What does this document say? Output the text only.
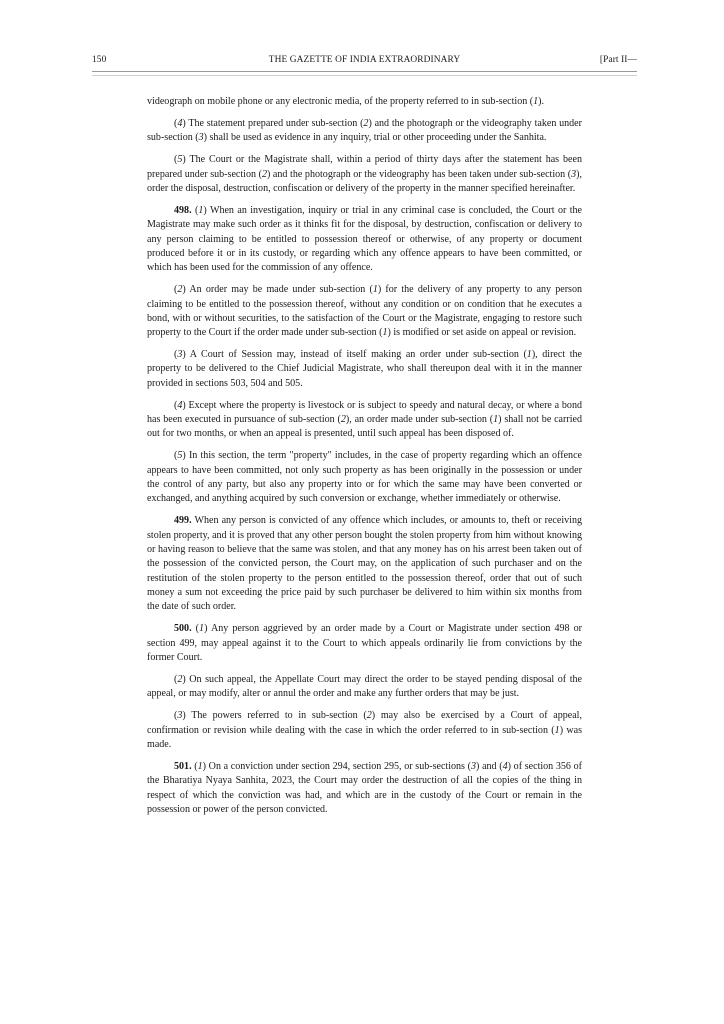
150	THE GAZETTE OF INDIA EXTRAORDINARY	[Part II—

videograph on mobile phone or any electronic media, of the property referred to in sub-section (1).

(4) The statement prepared under sub-section (2) and the photograph or the videography taken under sub-section (3) shall be used as evidence in any inquiry, trial or other proceeding under the Sanhita.

(5) The Court or the Magistrate shall, within a period of thirty days after the statement has been prepared under sub-section (2) and the photograph or the videography has been taken under sub-section (3), order the disposal, destruction, confiscation or delivery of the property in the manner specified hereinafter.

498. (1) When an investigation, inquiry or trial in any criminal case is concluded, the Court or the Magistrate may make such order as it thinks fit for the disposal, by destruction, confiscation or delivery to any person claiming to be entitled to possession thereof or otherwise, of any property or document produced before it or in its custody, or regarding which any offence appears to have been committed, or which has been used for the commission of any offence.

(2) An order may be made under sub-section (1) for the delivery of any property to any person claiming to be entitled to the possession thereof, without any condition or on condition that he executes a bond, with or without securities, to the satisfaction of the Court or the Magistrate, engaging to restore such property to the Court if the order made under sub-section (1) is modified or set aside on appeal or revision.

(3) A Court of Session may, instead of itself making an order under sub-section (1), direct the property to be delivered to the Chief Judicial Magistrate, who shall thereupon deal with it in the manner provided in sections 503, 504 and 505.

(4) Except where the property is livestock or is subject to speedy and natural decay, or where a bond has been executed in pursuance of sub-section (2), an order made under sub-section (1) shall not be carried out for two months, or when an appeal is presented, until such appeal has been disposed of.

(5) In this section, the term "property" includes, in the case of property regarding which an offence appears to have been committed, not only such property as has been originally in the possession or under the control of any party, but also any property into or for which the same may have been converted or exchanged, and anything acquired by such conversion or exchange, whether immediately or otherwise.

499. When any person is convicted of any offence which includes, or amounts to, theft or receiving stolen property, and it is proved that any other person bought the stolen property from him without knowing or having reason to believe that the same was stolen, and that any money has on his arrest been taken out of the possession of the convicted person, the Court may, on the application of such purchaser and on the restitution of the stolen property to the person entitled to the possession thereof, order that out of such money a sum not exceeding the price paid by such purchaser be delivered to him within six months from the date of such order.

500. (1) Any person aggrieved by an order made by a Court or Magistrate under section 498 or section 499, may appeal against it to the Court to which appeals ordinarily lie from convictions by the former Court.

(2) On such appeal, the Appellate Court may direct the order to be stayed pending disposal of the appeal, or may modify, alter or annul the order and make any further orders that may be just.

(3) The powers referred to in sub-section (2) may also be exercised by a Court of appeal, confirmation or revision while dealing with the case in which the order referred to in sub-section (1) was made.

501. (1) On a conviction under section 294, section 295, or sub-sections (3) and (4) of section 356 of the Bharatiya Nyaya Sanhita, 2023, the Court may order the destruction of all the copies of the thing in respect of which the conviction was had, and which are in the custody of the Court or remain in the possession or power of the person convicted.
